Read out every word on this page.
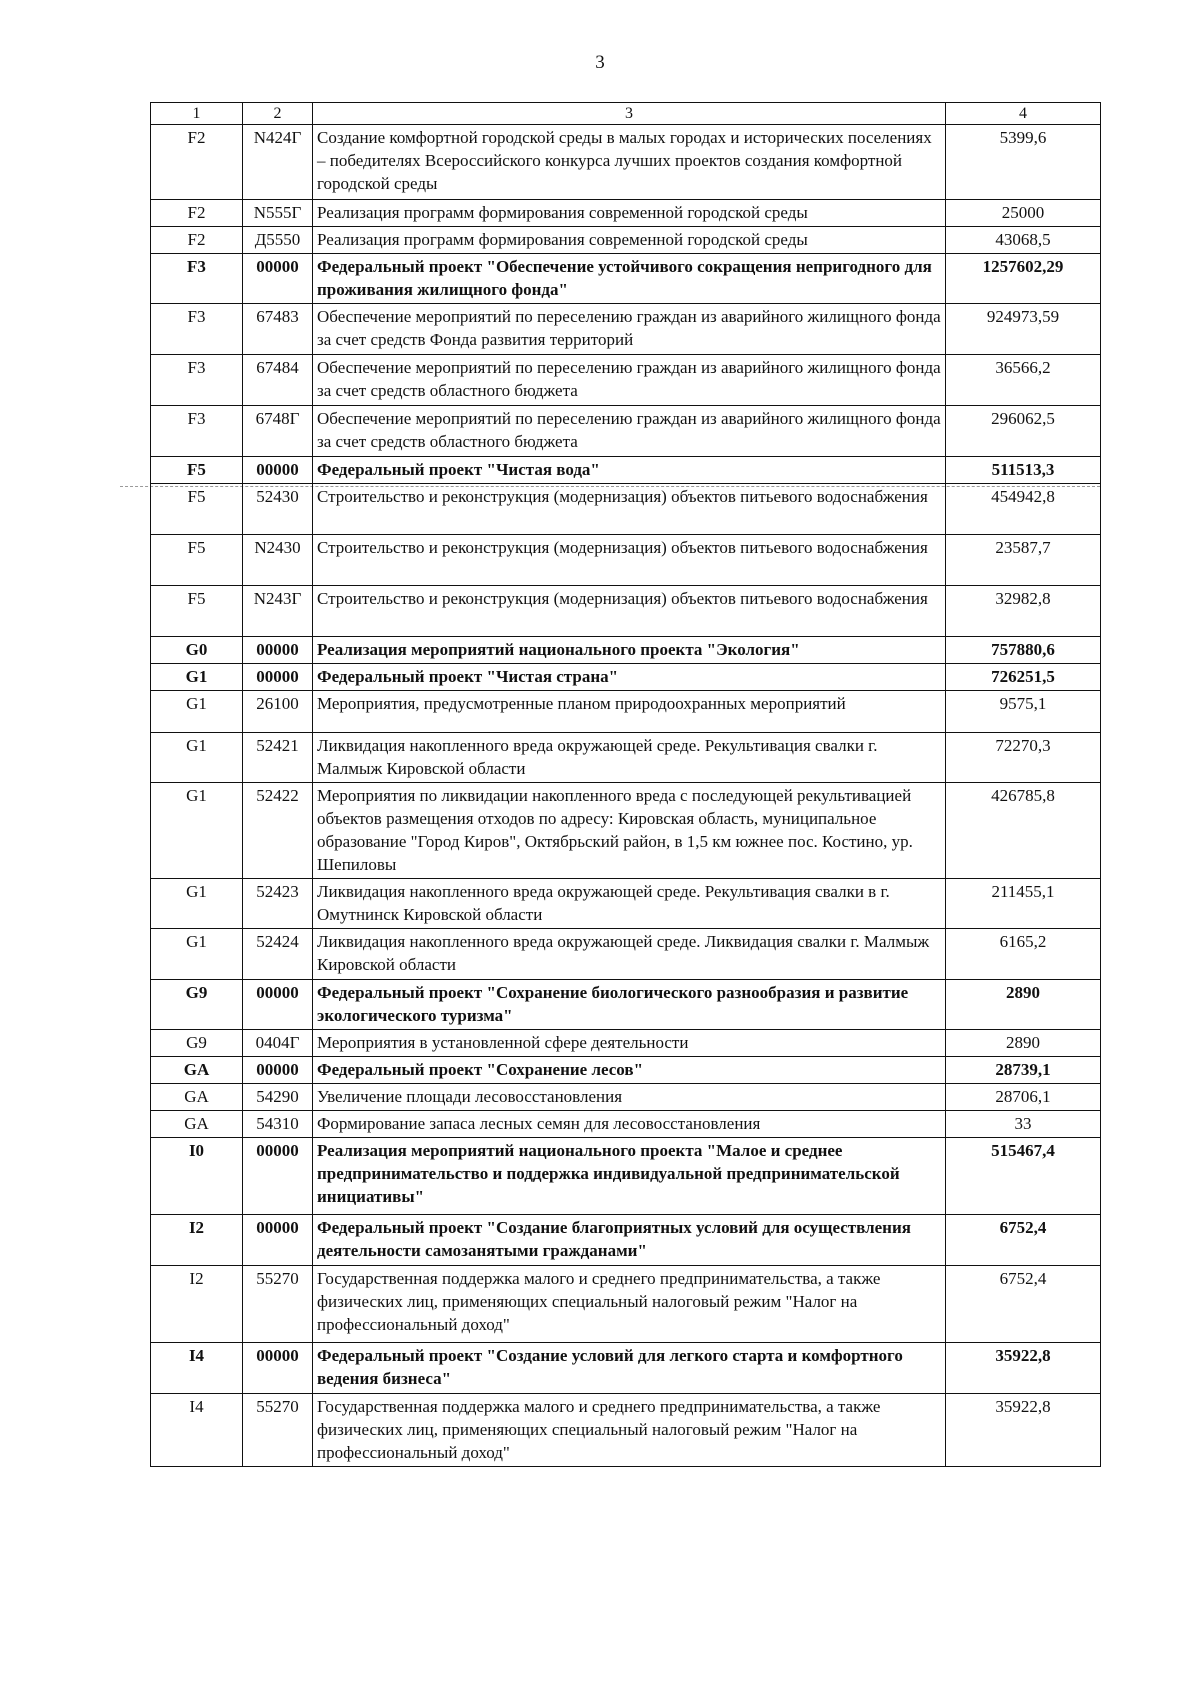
3
1	2	3	4
F2	N424Г	Создание комфортной городской среды в малых городах и исторических поселениях – победителях Всероссийского конкурса лучших проектов создания комфортной городской среды	5399,6
F2	N555Г	Реализация программ формирования современной городской среды	25000
F2	Д5550	Реализация программ формирования современной городской среды	43068,5
F3	00000	Федеральный проект "Обеспечение устойчивого сокращения непригодного для проживания жилищного фонда"	1257602,29
F3	67483	Обеспечение мероприятий по переселению граждан из аварийного жилищного фонда за счет средств Фонда развития территорий	924973,59
F3	67484	Обеспечение мероприятий по переселению граждан из аварийного жилищного фонда за счет средств областного бюджета	36566,2
F3	6748Г	Обеспечение мероприятий по переселению граждан из аварийного жилищного фонда за счет средств областного бюджета	296062,5
F5	00000	Федеральный проект "Чистая вода"	511513,3
F5	52430	Строительство и реконструкция (модернизация) объектов питьевого водоснабжения	454942,8
F5	N2430	Строительство и реконструкция (модернизация) объектов питьевого водоснабжения	23587,7
F5	N243Г	Строительство и реконструкция (модернизация) объектов питьевого водоснабжения	32982,8
G0	00000	Реализация мероприятий национального проекта "Экология"	757880,6
G1	00000	Федеральный проект "Чистая страна"	726251,5
G1	26100	Мероприятия, предусмотренные планом природоохранных мероприятий	9575,1
G1	52421	Ликвидация накопленного вреда окружающей среде. Рекультивация свалки г. Малмыж Кировской области	72270,3
G1	52422	Мероприятия по ликвидации накопленного вреда с последующей рекультивацией объектов размещения отходов по адресу: Кировская область, муниципальное образование "Город Киров", Октябрьский район, в 1,5 км южнее пос. Костино, ур. Шепиловы	426785,8
G1	52423	Ликвидация накопленного вреда окружающей среде. Рекультивация свалки в г. Омутнинск Кировской области	211455,1
G1	52424	Ликвидация накопленного вреда окружающей среде. Ликвидация свалки г. Малмыж Кировской области	6165,2
G9	00000	Федеральный проект "Сохранение биологического разнообразия и развитие экологического туризма"	2890
G9	0404Г	Мероприятия в установленной сфере деятельности	2890
GA	00000	Федеральный проект "Сохранение лесов"	28739,1
GA	54290	Увеличение площади лесовосстановления	28706,1
GA	54310	Формирование запаса лесных семян для лесовосстановления	33
I0	00000	Реализация мероприятий национального проекта "Малое и среднее предпринимательство и поддержка индивидуальной предпринимательской инициативы"	515467,4
I2	00000	Федеральный проект "Создание благоприятных условий для осуществления деятельности самозанятыми гражданами"	6752,4
I2	55270	Государственная поддержка малого и среднего предпринимательства, а также физических лиц, применяющих специальный налоговый режим "Налог на профессиональный доход"	6752,4
I4	00000	Федеральный проект "Создание условий для легкого старта и комфортного ведения бизнеса"	35922,8
I4	55270	Государственная поддержка малого и среднего предпринимательства, а также физических лиц, применяющих специальный налоговый режим "Налог на профессиональный доход"	35922,8
